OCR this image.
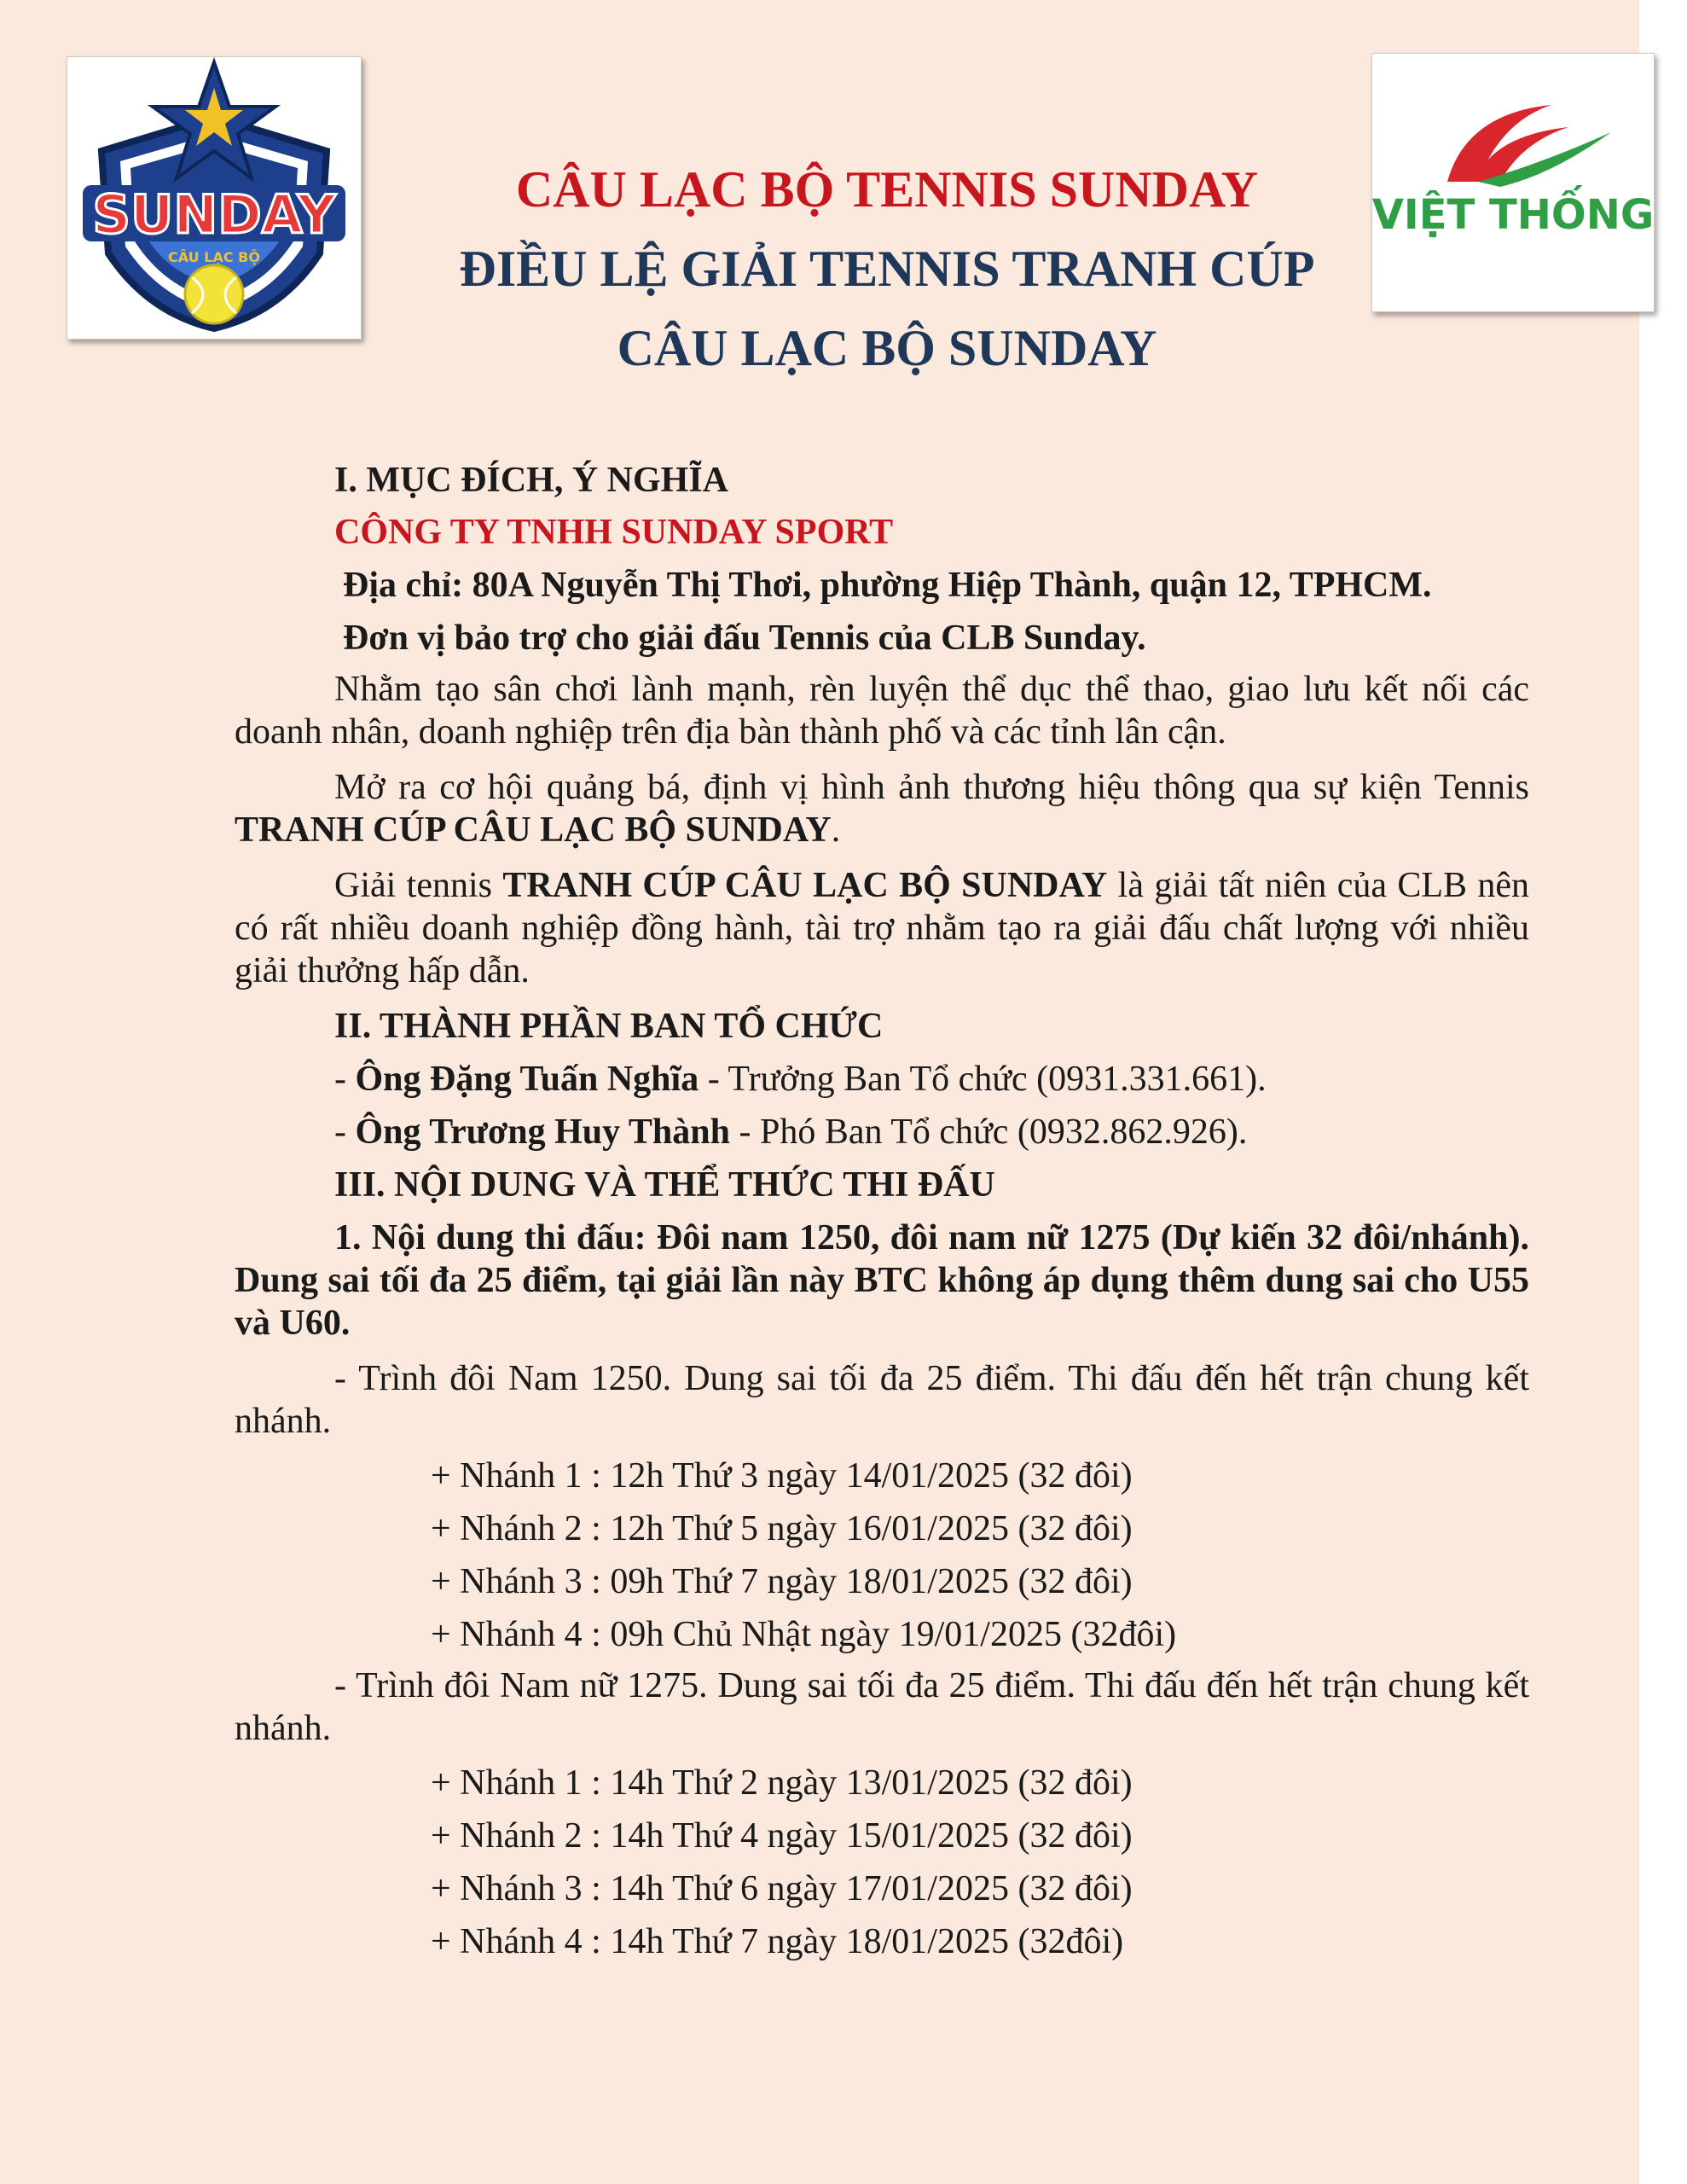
SUNDAY
CÂU LẠC BỘ
VIỆT THỐNG
CÂU LẠC BỘ TENNIS SUNDAY
ĐIỀU LỆ GIẢI TENNIS TRANH CÚP
CÂU LẠC BỘ SUNDAY

I. MỤC ĐÍCH, Ý NGHĨA

CÔNG TY TNHH SUNDAY SPORT

Địa chỉ: 80A Nguyễn Thị Thơi, phường Hiệp Thành, quận 12, TPHCM.

Đơn vị bảo trợ cho giải đấu Tennis của CLB Sunday.

Nhằm tạo sân chơi lành mạnh, rèn luyện thể dục thể thao, giao lưu kết nối các doanh nhân, doanh nghiệp trên địa bàn thành phố và các tỉnh lân cận.

Mở ra cơ hội quảng bá, định vị hình ảnh thương hiệu thông qua sự kiện Tennis TRANH CÚP CÂU LẠC BỘ SUNDAY.

Giải tennis TRANH CÚP CÂU LẠC BỘ SUNDAY là giải tất niên của CLB nên có rất nhiều doanh nghiệp đồng hành, tài trợ nhằm tạo ra giải đấu chất lượng với nhiều giải thưởng hấp dẫn.

II. THÀNH PHẦN BAN TỔ CHỨC

- Ông Đặng Tuấn Nghĩa - Trưởng Ban Tổ chức (0931.331.661).

- Ông Trương Huy Thành - Phó Ban Tổ chức (0932.862.926).

III. NỘI DUNG VÀ THỂ THỨC THI ĐẤU

1. Nội dung thi đấu: Đôi nam 1250, đôi nam nữ 1275 (Dự kiến 32 đôi/nhánh). Dung sai tối đa 25 điểm, tại giải lần này BTC không áp dụng thêm dung sai cho U55 và U60.

- Trình đôi Nam 1250. Dung sai tối đa 25 điểm. Thi đấu đến hết trận chung kết nhánh.

+ Nhánh 1 : 12h Thứ 3 ngày 14/01/2025 (32 đôi)

+ Nhánh 2 : 12h Thứ 5 ngày 16/01/2025 (32 đôi)

+ Nhánh 3 : 09h Thứ 7 ngày 18/01/2025 (32 đôi)

+ Nhánh 4 : 09h Chủ Nhật ngày 19/01/2025 (32đôi)

- Trình đôi Nam nữ 1275. Dung sai tối đa 25 điểm. Thi đấu đến hết trận chung kết nhánh.

+ Nhánh 1 : 14h Thứ 2 ngày 13/01/2025 (32 đôi)

+ Nhánh 2 : 14h Thứ 4 ngày 15/01/2025 (32 đôi)

+ Nhánh 3 : 14h Thứ 6 ngày 17/01/2025 (32 đôi)

+ Nhánh 4 : 14h Thứ 7 ngày 18/01/2025 (32đôi)
